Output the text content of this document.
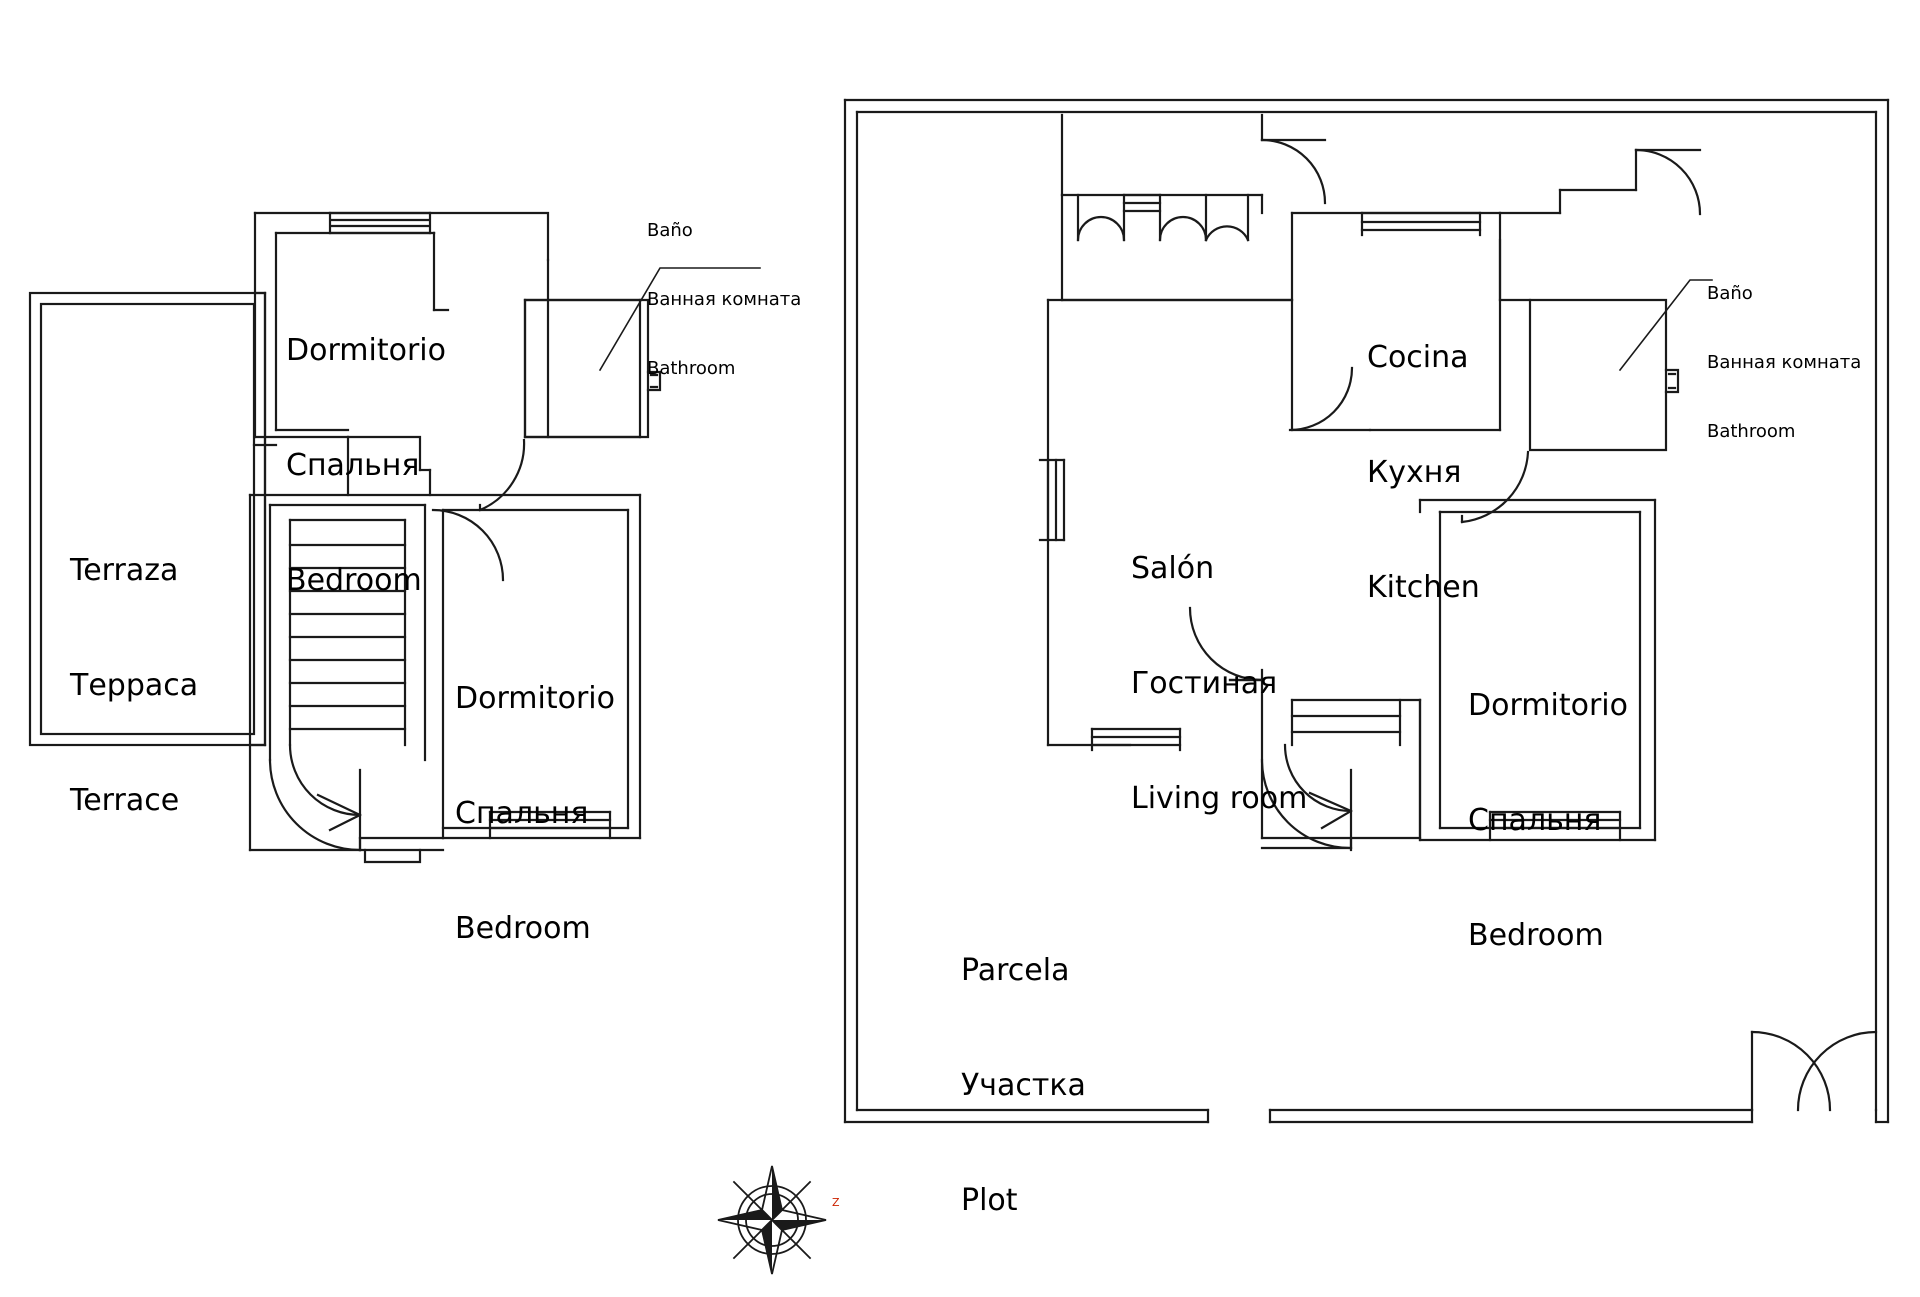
Z

Dormitorio

Спальня

Bedroom

Terraza

Терраса

Terrace

Dormitorio

Спальня

Bedroom

Baño

Ванная комната

Bathroom

	Cocina

Кухня

Kitchen

Salón

Гостиная

Living room

Dormitorio

Спальня

Bedroom

Baño

Ванная комната

Bathroom

Parcela

Участка

Plot
